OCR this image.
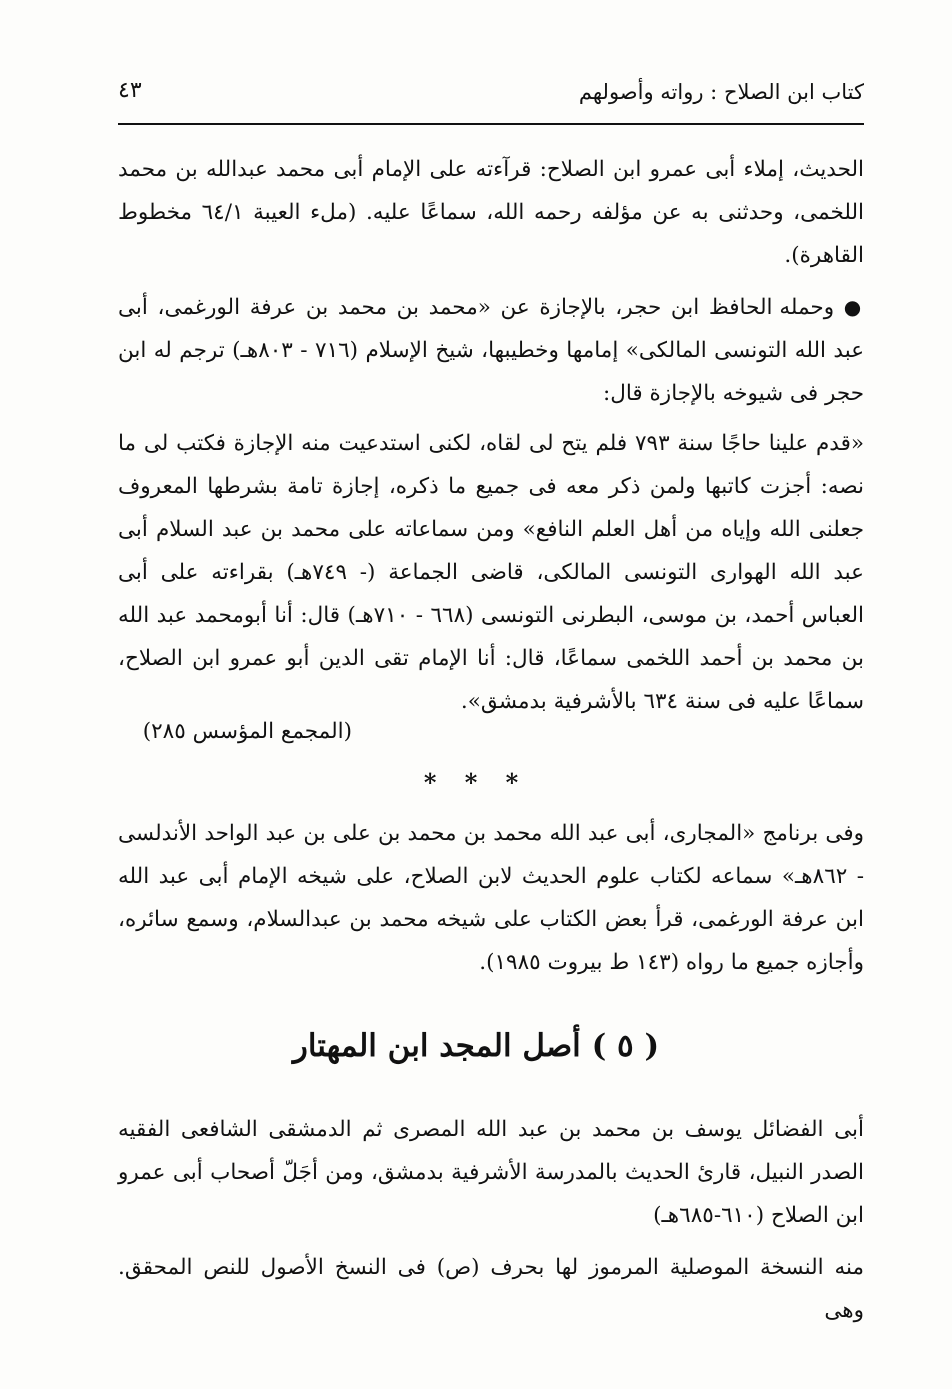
٤٣	كتاب ابن الصلاح : رواته وأصولهم
الحديث، إملاء أبى عمرو ابن الصلاح: قرآءته على الإمام أبى محمد عبدالله بن محمد اللخمى، وحدثنى به عن مؤلفه رحمه الله، سماعًا عليه. (ملء العيبة ٦٤/١ مخطوط القاهرة).
● وحمله الحافظ ابن حجر، بالإجازة عن «محمد بن محمد بن عرفة الورغمى، أبى عبد الله التونسى المالكى» إمامها وخطيبها، شيخ الإسلام (٧١٦ - ٨٠٣هـ) ترجم له ابن حجر فى شيوخه بالإجازة قال:
«قدم علينا حاجًا سنة ٧٩٣ فلم يتح لى لقاه، لكنى استدعيت منه الإجازة فكتب لى ما نصه: أجزت كاتبها ولمن ذكر معه فى جميع ما ذكره، إجازة تامة بشرطها المعروف جعلنى الله وإياه من أهل العلم النافع» ومن سماعاته على محمد بن عبد السلام أبى عبد الله الهوارى التونسى المالكى، قاضى الجماعة (- ٧٤٩هـ) بقراءته على أبى العباس أحمد، بن موسى، البطرنى التونسى (٦٦٨ - ٧١٠هـ) قال: أنا أبومحمد عبد الله بن محمد بن أحمد اللخمى سماعًا، قال: أنا الإمام تقى الدين أبو عمرو ابن الصلاح، سماعًا عليه فى سنة ٦٣٤ بالأشرفية بدمشق».
(المجمع المؤسس ٢٨٥)
* * *
وفى برنامج «المجارى، أبى عبد الله محمد بن محمد بن على بن عبد الواحد الأندلسى - ٨٦٢هـ» سماعه لكتاب علوم الحديث لابن الصلاح، على شيخه الإمام أبى عبد الله ابن عرفة الورغمى، قرأ بعض الكتاب على شيخه محمد بن عبدالسلام، وسمع سائره، وأجازه جميع ما رواه (١٤٣ ط بيروت ١٩٨٥).
( ٥ ) أصل المجد ابن المهتار
أبى الفضائل يوسف بن محمد بن عبد الله المصرى ثم الدمشقى الشافعى الفقيه الصدر النبيل، قارئ الحديث بالمدرسة الأشرفية بدمشق، ومن أجَلّ أصحاب أبى عمرو ابن الصلاح (٦١٠-٦٨٥هـ)
منه النسخة الموصلية المرموز لها بحرف (ص) فى النسخ الأصول للنص المحقق. وهى
